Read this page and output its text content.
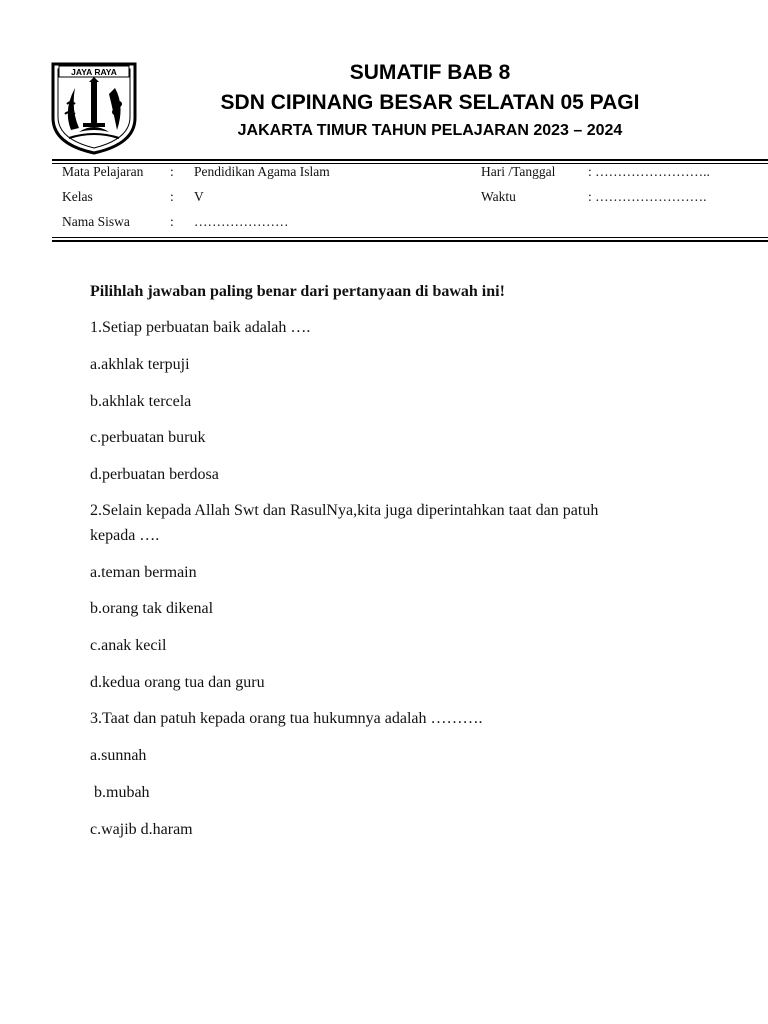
JAYA RAYA	SUMATIF BAB 8
SDN CIPINANG BESAR SELATAN 05 PAGI
JAKARTA TIMUR TAHUN PELAJARAN 2023 – 2024
Mata Pelajaran : Pendidikan Agama Islam	Hari /Tanggal : ……………………..
Kelas	: V	Waktu	: …………………….
Nama Siswa	: …………………
Pilihlah jawaban paling benar dari pertanyaan di bawah ini!
1.Setiap perbuatan baik adalah ….
a.akhlak terpuji
b.akhlak tercela
c.perbuatan buruk
d.perbuatan berdosa
2.Selain kepada Allah Swt dan RasulNya,kita juga diperintahkan taat dan patuh
kepada ….
a.teman bermain
b.orang tak dikenal
c.anak kecil
d.kedua orang tua dan guru
3.Taat dan patuh kepada orang tua hukumnya adalah ……….
a.sunnah
b.mubah
c.wajib d.haram
